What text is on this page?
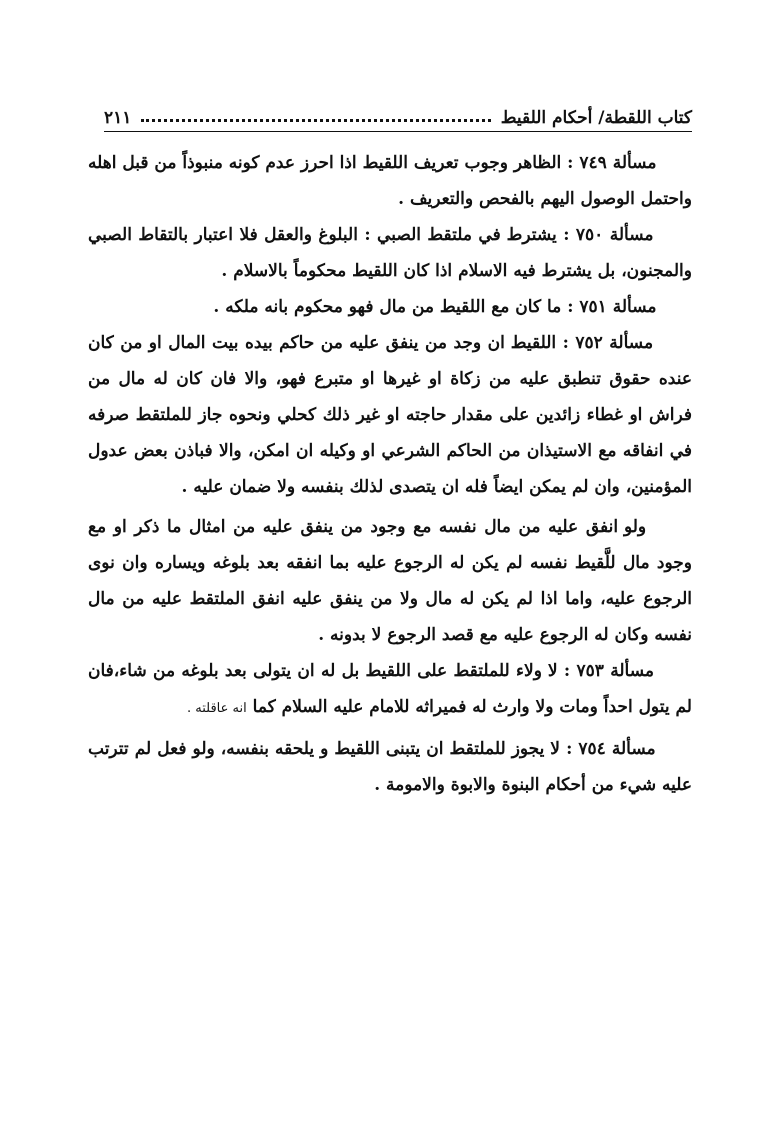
كتاب اللقطة/ أحكام اللقيط
٢١١

مسألة ٧٤٩ : الظاهر وجوب تعريف اللقيط اذا احرز عدم كونه منبوذاً من قبل اهله واحتمل الوصول اليهم بالفحص والتعريف .

مسألة ٧٥٠ : يشترط في ملتقط الصبي : البلوغ والعقل فلا اعتبار بالتقاط الصبي والمجنون، بل يشترط فيه الاسلام اذا كان اللقيط محكوماً بالاسلام .

مسألة ٧٥١ : ما كان مع اللقيط من مال فهو محكوم بانه ملكه .

مسألة ٧٥٢ : اللقيط ان وجد من ينفق عليه من حاكم بيده بيت المال او من كان عنده حقوق تنطبق عليه من زكاة او غيرها او متبرع فهو، والا فان كان له مال من فراش او غطاء زائدين على مقدار حاجته او غير ذلك كحلي ونحوه جاز للملتقط صرفه في انفاقه مع الاستيذان من الحاكم الشرعي او وكيله ان امكن، والا فباذن بعض عدول المؤمنين، وان لم يمكن ايضاً فله ان يتصدى لذلك بنفسه ولا ضمان عليه .

ولو انفق عليه من مال نفسه مع وجود من ينفق عليه من امثال ما ذكر او مع وجود مال للَّقيط نفسه لم يكن له الرجوع عليه بما انفقه بعد بلوغه ويساره وان نوى الرجوع عليه، واما اذا لم يكن له مال ولا من ينفق عليه انفق الملتقط عليه من مال نفسه وكان له الرجوع عليه مع قصد الرجوع لا بدونه .

مسألة ٧٥٣ : لا ولاء للملتقط على اللقيط بل له ان يتولى بعد بلوغه من شاء،فان لم يتول احداً ومات ولا وارث له فميراثه للامام عليه السلام كما انه عاقلته .

مسألة ٧٥٤ : لا يجوز للملتقط ان يتبنى اللقيط و يلحقه بنفسه، ولو فعل لم تترتب عليه شيء من أحكام البنوة والابوة والامومة .
